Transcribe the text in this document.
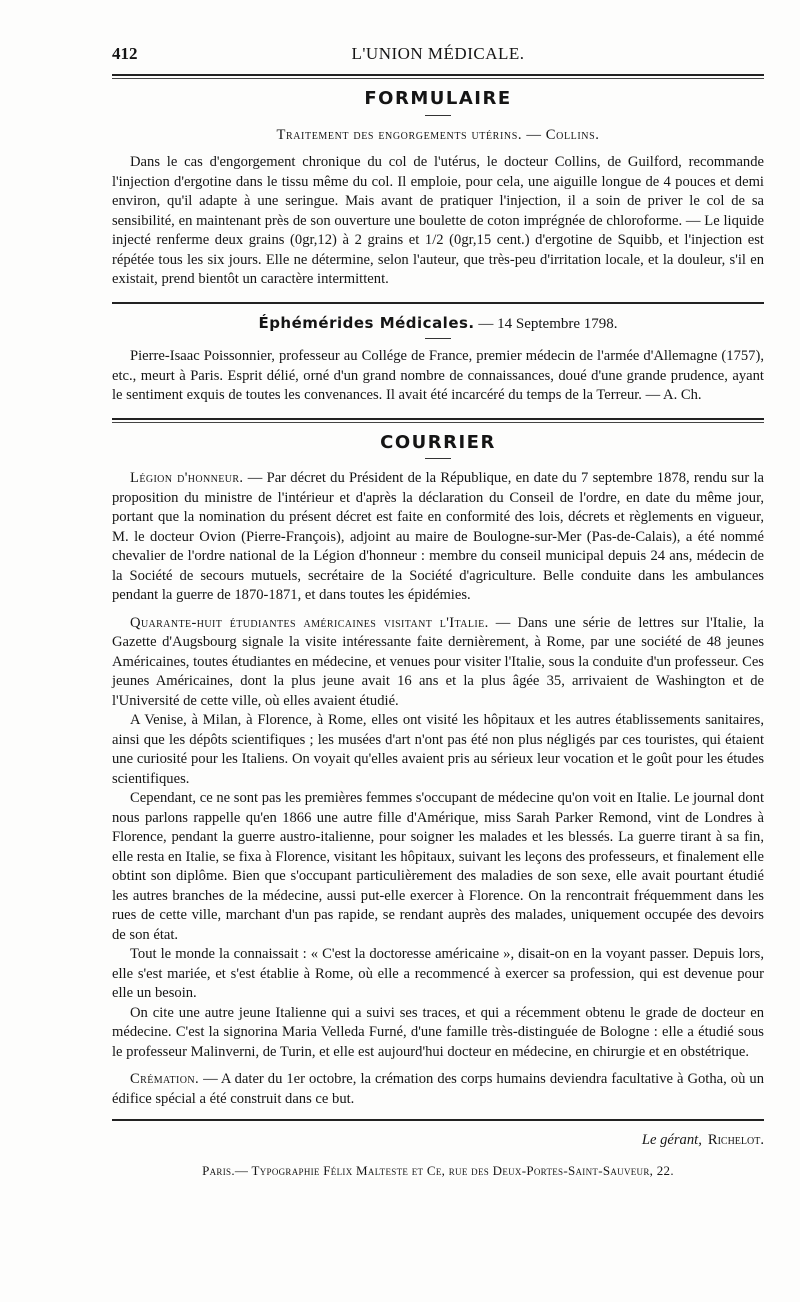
412	L'UNION MÉDICALE.
FORMULAIRE
Traitement des engorgements utérins. — Collins.

Dans le cas d'engorgement chronique du col de l'utérus, le docteur Collins, de Guilford, recommande l'injection d'ergotine dans le tissu même du col. Il emploie, pour cela, une aiguille longue de 4 pouces et demi environ, qu'il adapte à une seringue. Mais avant de pratiquer l'injection, il a soin de priver le col de sa sensibilité, en maintenant près de son ouverture une boulette de coton imprégnée de chloroforme. — Le liquide injecté renferme deux grains (0gr,12) à 2 grains et 1/2 (0gr,15 cent.) d'ergotine de Squibb, et l'injection est répétée tous les six jours. Elle ne détermine, selon l'auteur, que très-peu d'irritation locale, et la douleur, s'il en existait, prend bientôt un caractère intermittent.

Éphémérides Médicales. — 14 Septembre 1798.

Pierre-Isaac Poissonnier, professeur au Collége de France, premier médecin de l'armée d'Allemagne (1757), etc., meurt à Paris. Esprit délié, orné d'un grand nombre de connaissances, doué d'une grande prudence, ayant le sentiment exquis de toutes les convenances. Il avait été incarcéré du temps de la Terreur. — A. Ch.

COURRIER

Légion d'honneur. — Par décret du Président de la République, en date du 7 septembre 1878, rendu sur la proposition du ministre de l'intérieur et d'après la déclaration du Conseil de l'ordre, en date du même jour, portant que la nomination du présent décret est faite en conformité des lois, décrets et règlements en vigueur, M. le docteur Ovion (Pierre-François), adjoint au maire de Boulogne-sur-Mer (Pas-de-Calais), a été nommé chevalier de l'ordre national de la Légion d'honneur : membre du conseil municipal depuis 24 ans, médecin de la Société de secours mutuels, secrétaire de la Société d'agriculture. Belle conduite dans les ambulances pendant la guerre de 1870-1871, et dans toutes les épidémies.

Quarante-huit étudiantes américaines visitant l'Italie. — Dans une série de lettres sur l'Italie, la Gazette d'Augsbourg signale la visite intéressante faite dernièrement, à Rome, par une société de 48 jeunes Américaines, toutes étudiantes en médecine, et venues pour visiter l'Italie, sous la conduite d'un professeur. Ces jeunes Américaines, dont la plus jeune avait 16 ans et la plus âgée 35, arrivaient de Washington et de l'Université de cette ville, où elles avaient étudié.

A Venise, à Milan, à Florence, à Rome, elles ont visité les hôpitaux et les autres établissements sanitaires, ainsi que les dépôts scientifiques ; les musées d'art n'ont pas été non plus négligés par ces touristes, qui étaient une curiosité pour les Italiens. On voyait qu'elles avaient pris au sérieux leur vocation et le goût pour les études scientifiques.

Cependant, ce ne sont pas les premières femmes s'occupant de médecine qu'on voit en Italie. Le journal dont nous parlons rappelle qu'en 1866 une autre fille d'Amérique, miss Sarah Parker Remond, vint de Londres à Florence, pendant la guerre austro-italienne, pour soigner les malades et les blessés. La guerre tirant à sa fin, elle resta en Italie, se fixa à Florence, visitant les hôpitaux, suivant les leçons des professeurs, et finalement elle obtint son diplôme. Bien que s'occupant particulièrement des maladies de son sexe, elle avait pourtant étudié les autres branches de la médecine, aussi put-elle exercer à Florence. On la rencontrait fréquemment dans les rues de cette ville, marchant d'un pas rapide, se rendant auprès des malades, uniquement occupée des devoirs de son état.

Tout le monde la connaissait : « C'est la doctoresse américaine », disait-on en la voyant passer. Depuis lors, elle s'est mariée, et s'est établie à Rome, où elle a recommencé à exercer sa profession, qui est devenue pour elle un besoin.

On cite une autre jeune Italienne qui a suivi ses traces, et qui a récemment obtenu le grade de docteur en médecine. C'est la signorina Maria Velleda Furné, d'une famille très-distinguée de Bologne : elle a étudié sous le professeur Malinverni, de Turin, et elle est aujourd'hui docteur en médecine, en chirurgie et en obstétrique.

Crémation. — A dater du 1er octobre, la crémation des corps humains deviendra facultative à Gotha, où un édifice spécial a été construit dans ce but.

Le gérant, Richelot.
Paris.— Typographie Félix Malteste et Ce, rue des Deux-Portes-Saint-Sauveur, 22.
